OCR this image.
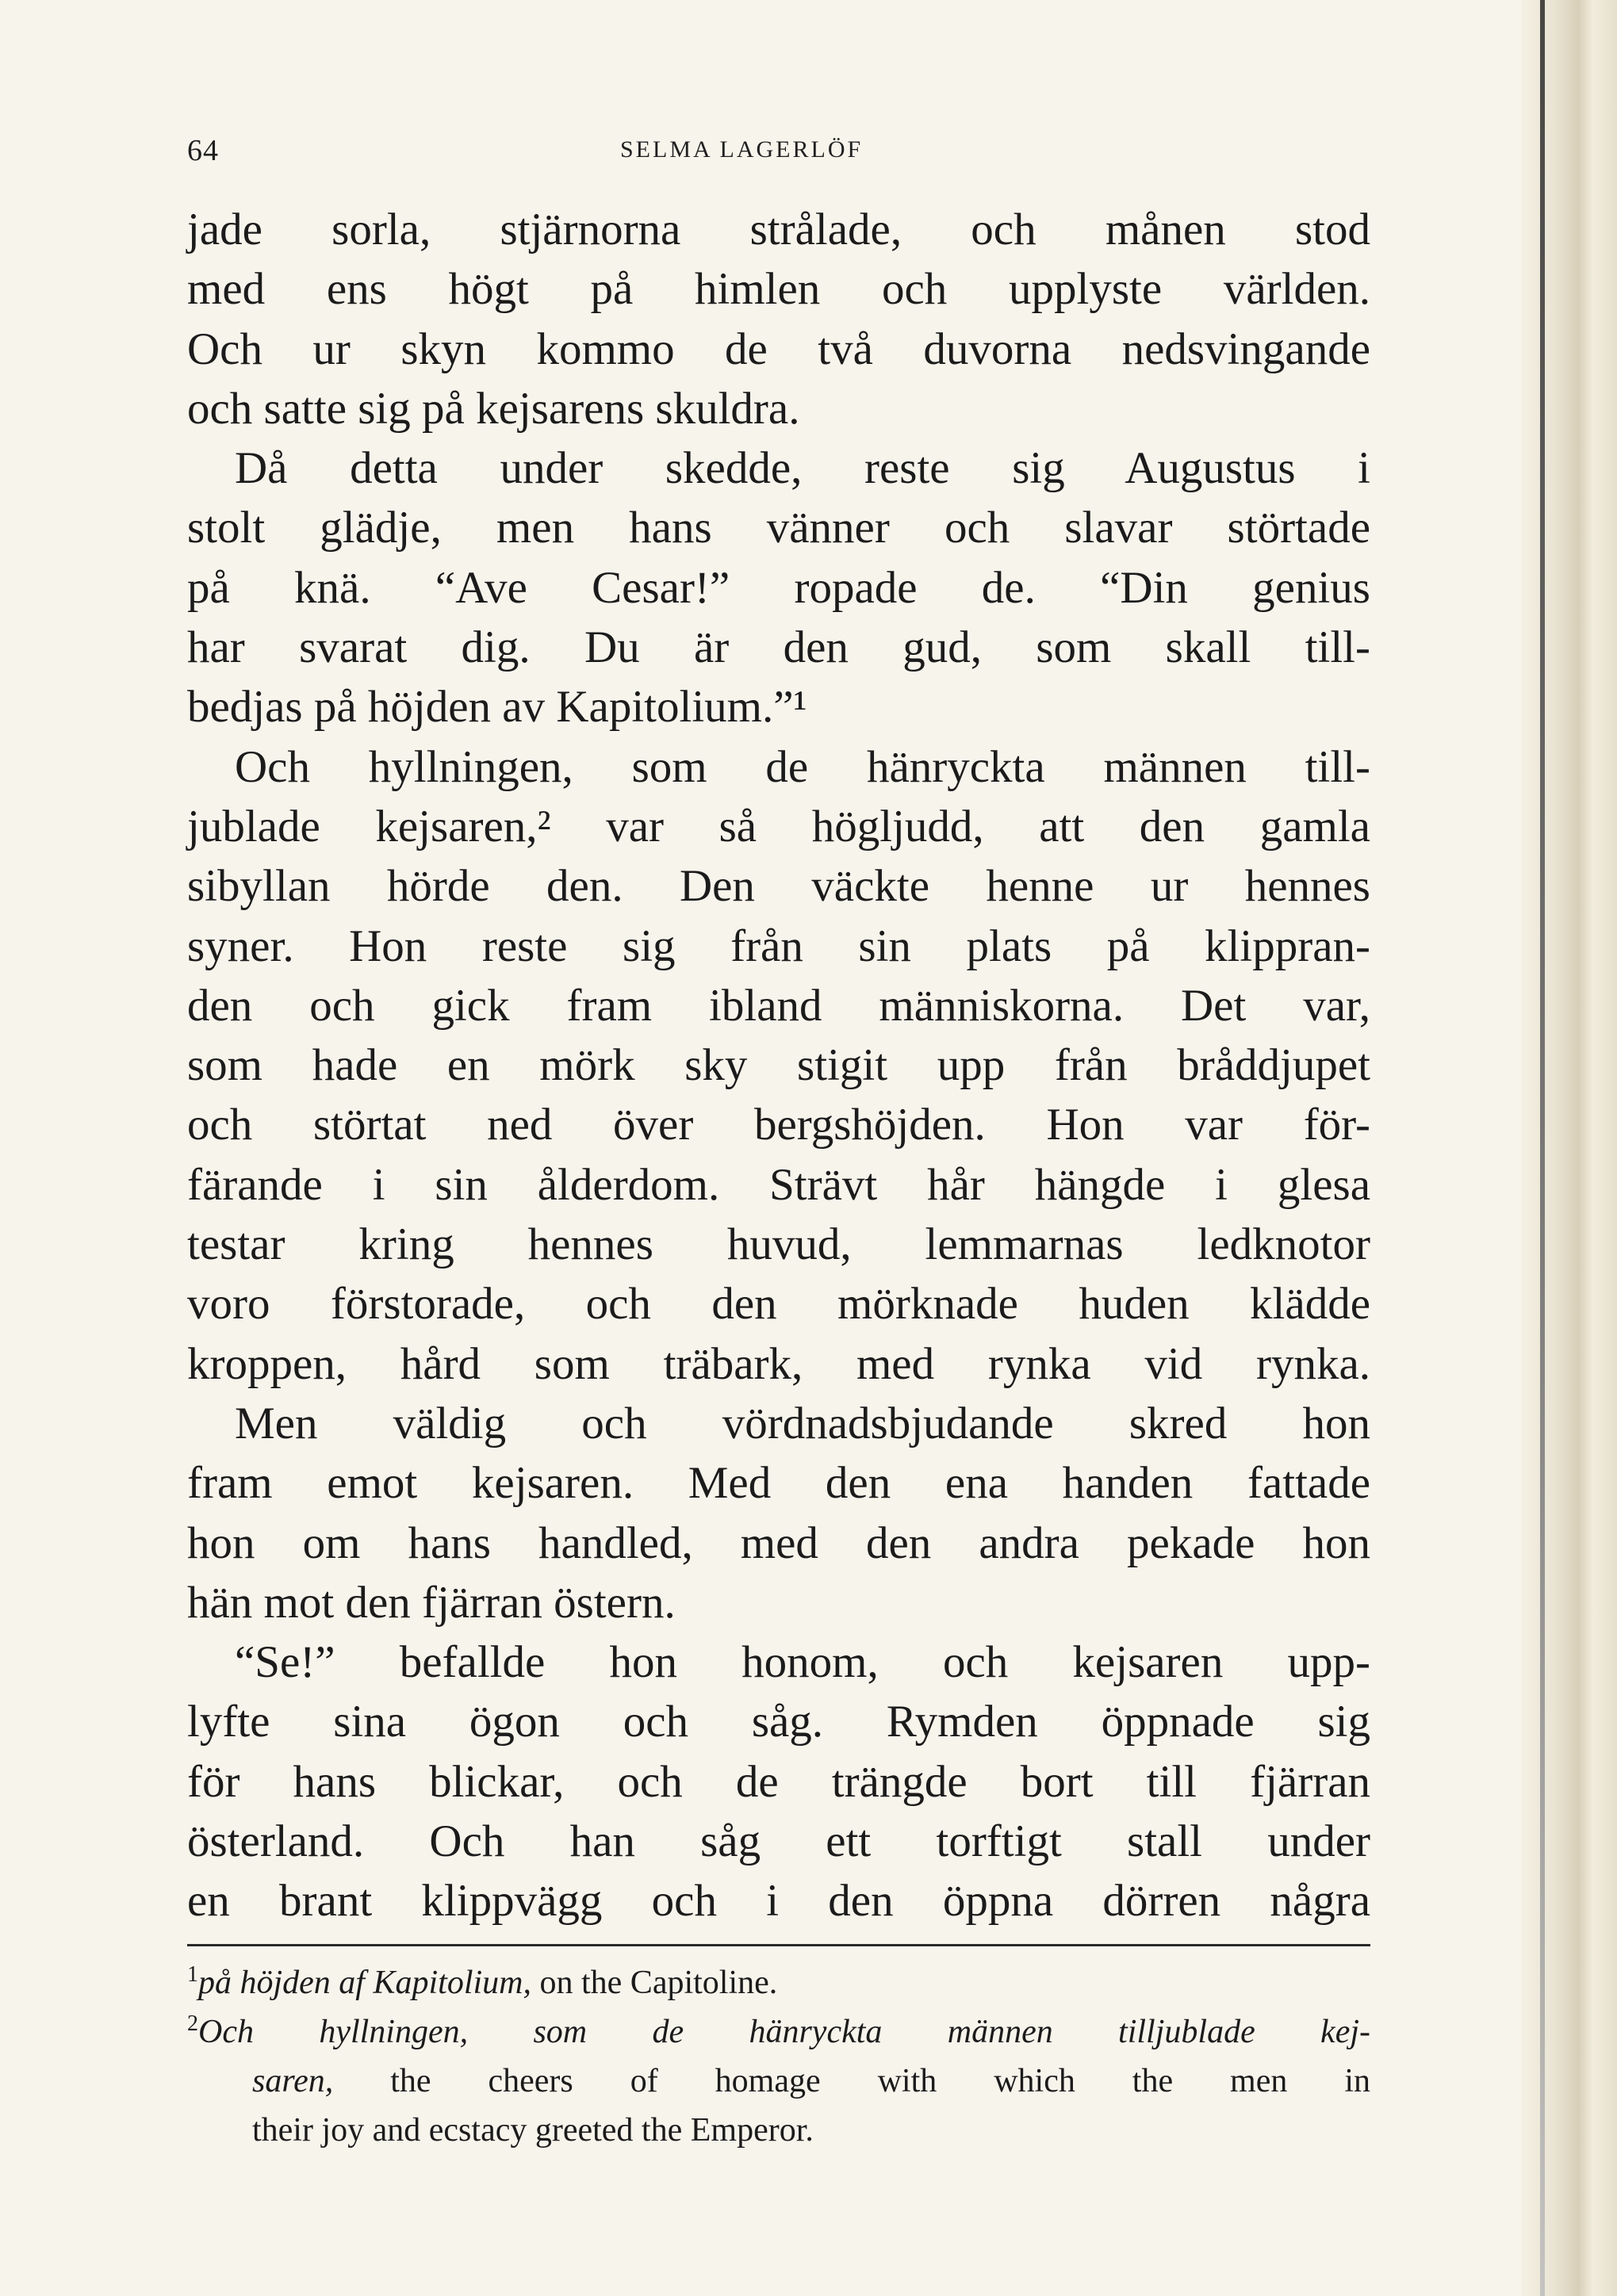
64	SELMA LAGERLÖF
jade sorla, stjärnorna strålade, och månen stod
med ens högt på himlen och upplyste världen.
Och ur skyn kommo de två duvorna nedsvingande
och satte sig på kejsarens skuldra.
Då detta under skedde, reste sig Augustus i
stolt glädje, men hans vänner och slavar störtade
på knä. “Ave Cesar!” ropade de. “Din genius
har svarat dig. Du är den gud, som skall till-
bedjas på höjden av Kapitolium.”¹
Och hyllningen, som de hänryckta männen till-
jublade kejsaren,² var så högljudd, att den gamla
sibyllan hörde den. Den väckte henne ur hennes
syner. Hon reste sig från sin plats på klippran-
den och gick fram ibland människorna. Det var,
som hade en mörk sky stigit upp från bråddjupet
och störtat ned över bergshöjden. Hon var för-
färande i sin ålderdom. Strävt hår hängde i glesa
testar kring hennes huvud, lemmarnas ledknotor
voro förstorade, och den mörknade huden klädde
kroppen, hård som träbark, med rynka vid rynka.
Men väldig och vördnadsbjudande skred hon
fram emot kejsaren. Med den ena handen fattade
hon om hans handled, med den andra pekade hon
hän mot den fjärran östern.
“Se!” befallde hon honom, och kejsaren upp-
lyfte sina ögon och såg. Rymden öppnade sig
för hans blickar, och de trängde bort till fjärran
österland. Och han såg ett torftigt stall under
en brant klippvägg och i den öppna dörren några
$^1$på höjden af Kapitolium, on the Capitoline.
$^2$Och hyllningen, som de hänryckta männen tilljublade kej-
saren, the cheers of homage with which the men in
their joy and ecstacy greeted the Emperor.
